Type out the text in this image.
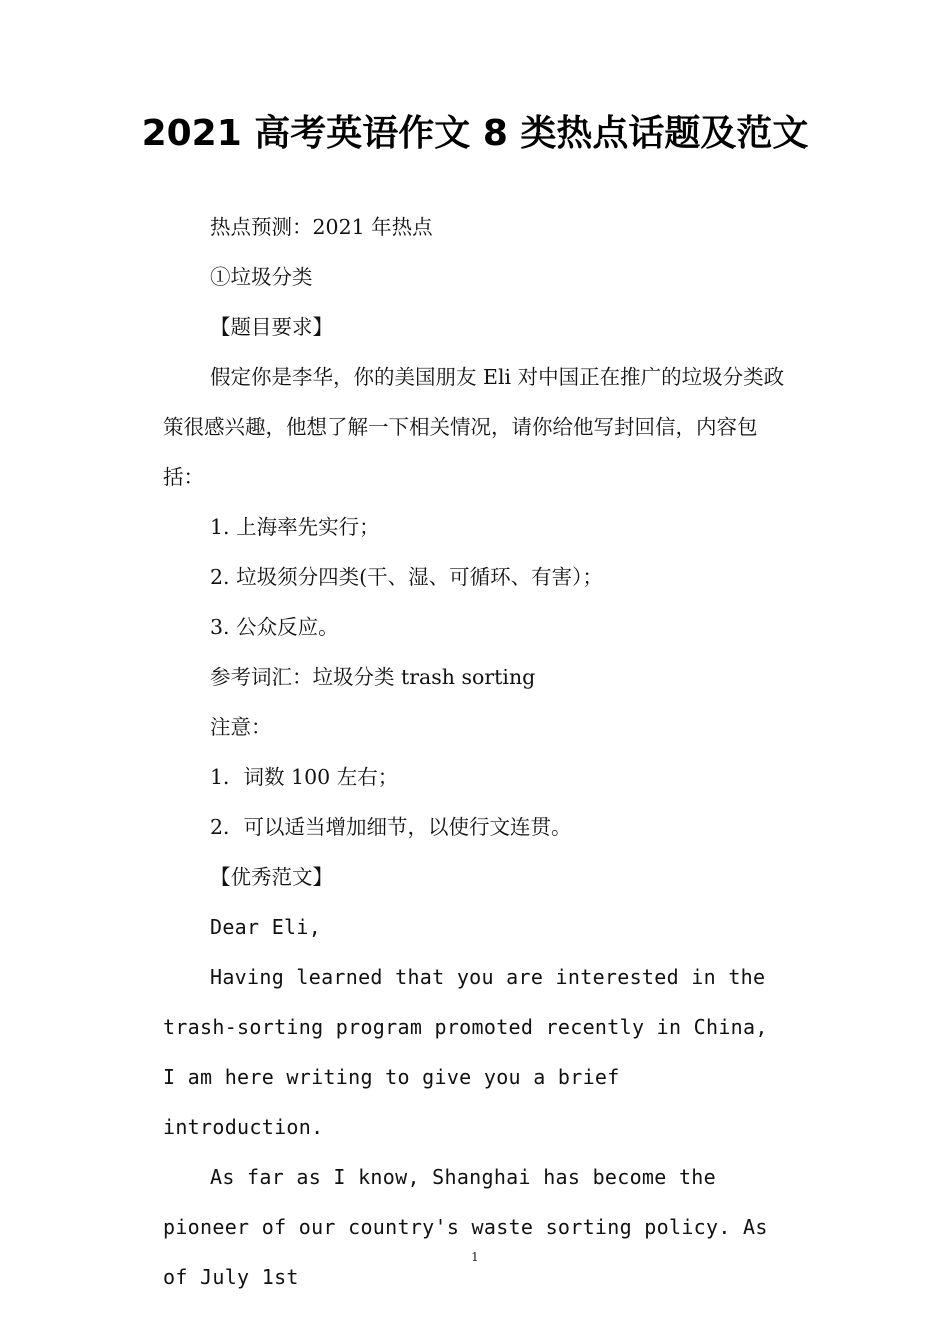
2021 高考英语作文 8 类热点话题及范文

热点预测：2021 年热点

①垃圾分类

【题目要求】

假定你是李华，你的美国朋友 Eli 对中国正在推广的垃圾分类政策很感兴趣，他想了解一下相关情况，请你给他写封回信，内容包括：

1. 上海率先实行；

2. 垃圾须分四类(干、湿、可循环、有害）；

3. 公众反应。

参考词汇：垃圾分类 trash sorting

注意：

1．词数 100 左右；

2．可以适当增加细节，以使行文连贯。

【优秀范文】

Dear Eli,

Having learned that you are interested in the trash-sorting program promoted recently in China, I am here writing to give you a brief introduction.

As far as I know, Shanghai has become the pioneer of our country's waste sorting policy. As of July 1st

1
